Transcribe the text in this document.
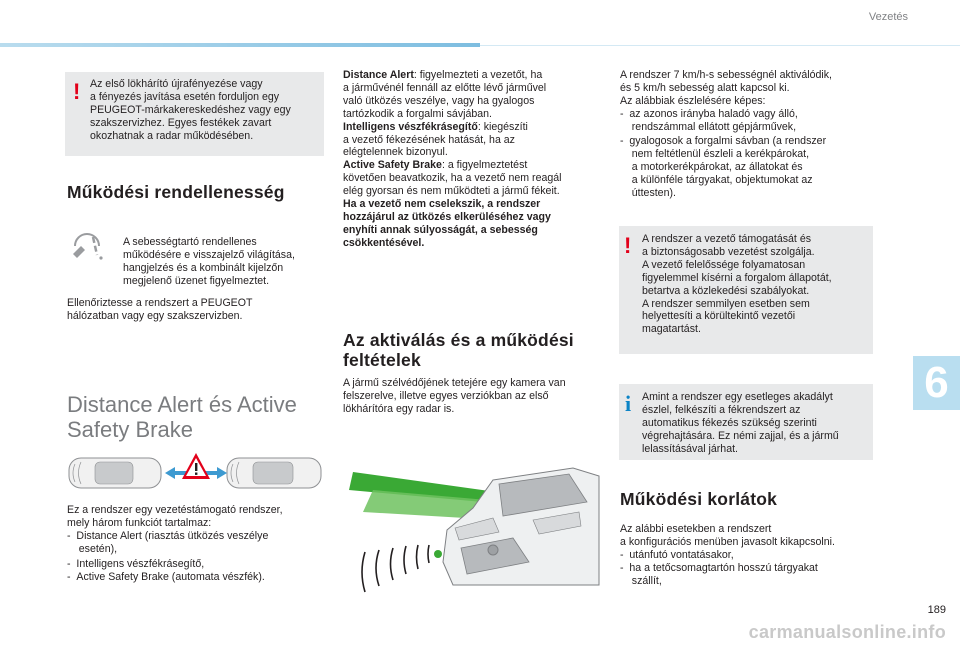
Vezetés
6
! Az első lökhárító újrafényezése vagy
a fényezés javítása esetén forduljon egy
PEUGEOT-márkakereskedéshez vagy egy
szakszervizhez. Egyes festékek zavart
okozhatnak a radar működésében.
Működési rendellenesség
A sebességtartó rendellenes
működésére e visszajelző világítása,
hangjelzés és a kombinált kijelzőn
megjelenő üzenet figyelmeztet.
Ellenőriztesse a rendszert a PEUGEOT
hálózatban vagy egy szakszervizben.
Distance Alert és Active
Safety Brake
Ez a rendszer egy vezetéstámogató rendszer,
mely három funkciót tartalmaz:
-  Distance Alert (riasztás ütközés veszélye
esetén),
-  Intelligens vészfékrásegítő,
-  Active Safety Brake (automata vészfék).
Distance Alert: figyelmezteti a vezetőt, ha
a járművénél fennáll az előtte lévő járművel
való ütközés veszélye, vagy ha gyalogos
tartózkodik a forgalmi sávjában.
Intelligens vészfékrásegítő: kiegészíti
a vezető fékezésének hatását, ha az
elégtelennek bizonyul.
Active Safety Brake: a figyelmeztetést
követően beavatkozik, ha a vezető nem reagál
elég gyorsan és nem működteti a jármű fékeit.
Ha a vezető nem cselekszik, a rendszer
hozzájárul az ütközés elkerüléséhez vagy
enyhíti annak súlyosságát, a sebesség
csökkentésével.
Az aktiválás és a működési
feltételek
A jármű szélvédőjének tetejére egy kamera van
felszerelve, illetve egyes verziókban az első
lökhárítóra egy radar is.
A rendszer 7 km/h-s sebességnél aktiválódik,
és 5 km/h sebesség alatt kapcsol ki.
Az alábbiak észlelésére képes:
-  az azonos irányba haladó vagy álló,
rendszámmal ellátott gépjárművek,
-  gyalogosok a forgalmi sávban (a rendszer
nem feltétlenül észleli a kerékpárokat,
a motorkerékpárokat, az állatokat és
a különféle tárgyakat, objektumokat az
úttesten).
! A rendszer a vezető támogatását és
a biztonságosabb vezetést szolgálja.
A vezető felelőssége folyamatosan
figyelemmel kísérni a forgalom állapotát,
betartva a közlekedési szabályokat.
A rendszer semmilyen esetben sem
helyettesíti a körültekintő vezetői
magatartást.
i Amint a rendszer egy esetleges akadályt
észlel, felkészíti a fékrendszert az
automatikus fékezés szükség szerinti
végrehajtására. Ez némi zajjal, és a jármű
lelassításával járhat.
Működési korlátok
Az alábbi esetekben a rendszert
a konfigurációs menüben javasolt kikapcsolni.
-  utánfutó vontatásakor,
-  ha a tetőcsomagtartón hosszú tárgyakat
szállít,
189
carmanualsonline.info
